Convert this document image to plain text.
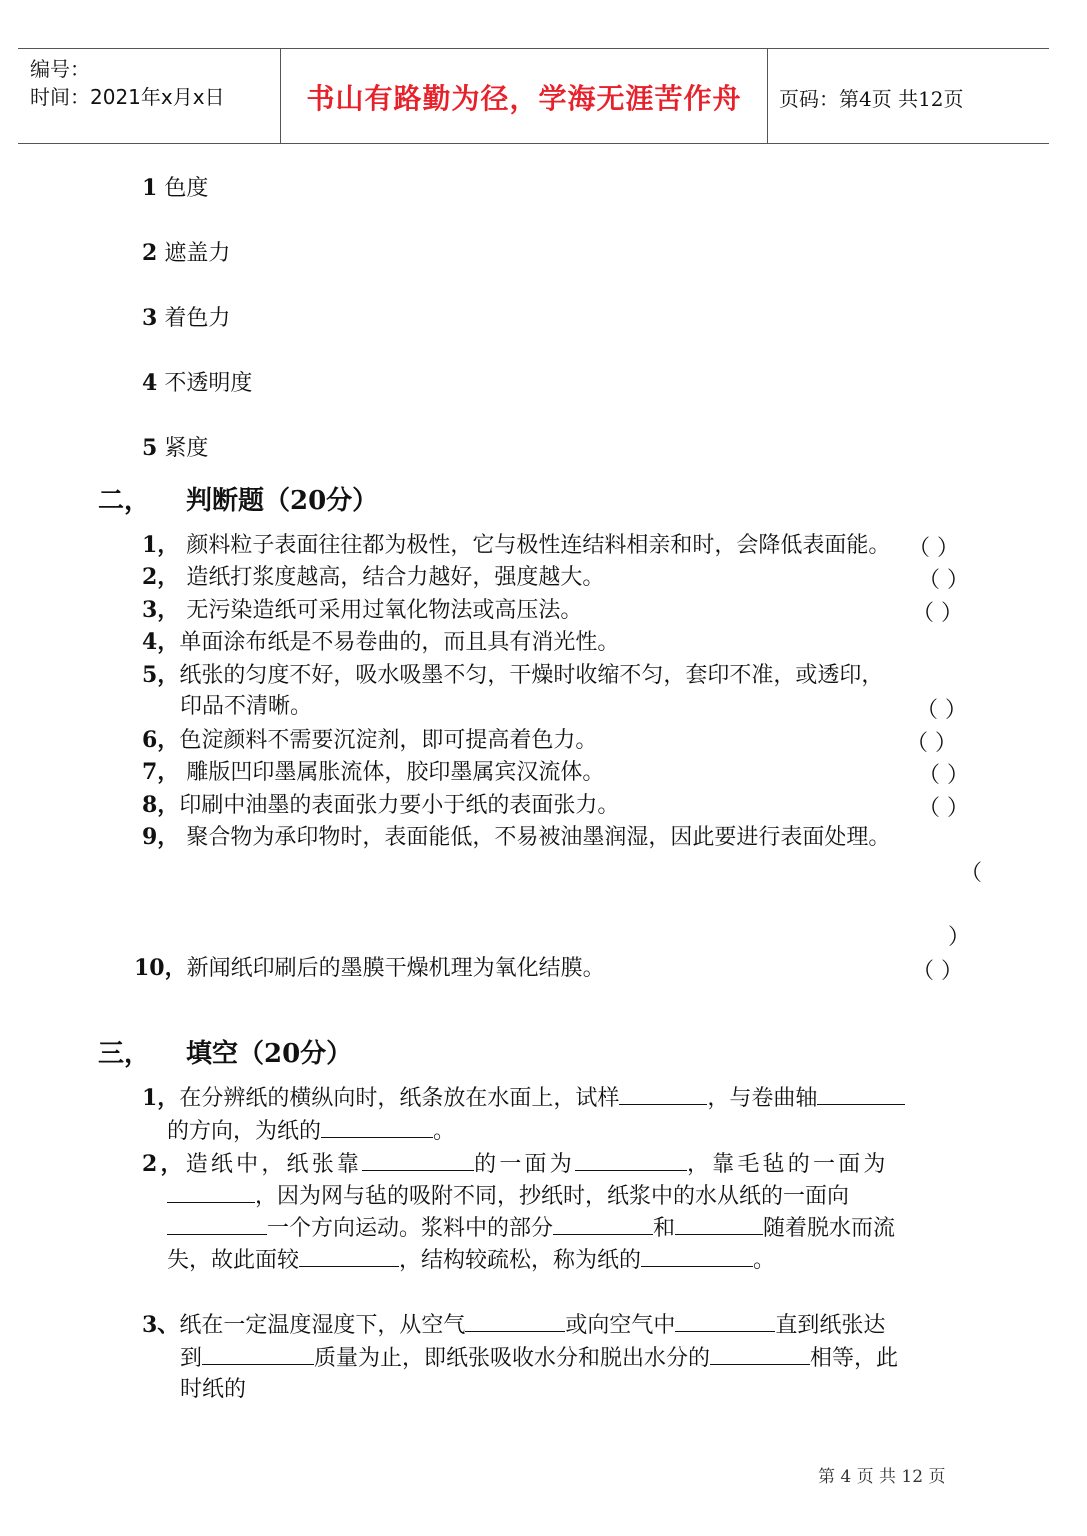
编号：
时间：2021年x月x日	书山有路勤为径，学海无涯苦作舟	页码：第4页 共12页
1 色度
2 遮盖力
3 着色力
4 不透明度
5 紧度
二， 判断题（20分）
1， 颜料粒子表面往往都为极性，它与极性连结料相亲和时，会降低表面能。 （ ）
2， 造纸打浆度越高，结合力越好，强度越大。	（ ）
3， 无污染造纸可采用过氧化物法或高压法。	（ ）
4，单面涂布纸是不易卷曲的，而且具有消光性。
5，纸张的匀度不好，吸水吸墨不匀，干燥时收缩不匀，套印不准，或透印，
印品不清晰。	（ ）
6，色淀颜料不需要沉淀剂，即可提高着色力。	（ ）
7， 雕版凹印墨属胀流体，胶印墨属宾汉流体。	（ ）
8，印刷中油墨的表面张力要小于纸的表面张力。	（ ）
9， 聚合物为承印物时，表面能低，不易被油墨润湿，因此要进行表面处理。
（
）
10，新闻纸印刷后的墨膜干燥机理为氧化结膜。	（ ）
三， 填空（20分）
1，在分辨纸的横纵向时，纸条放在水面上，试样	，与卷曲轴
的方向，为纸的	。
2，造纸中，纸张靠	的一面为	，靠毛毡的一面为
，因为网与毡的吸附不同，抄纸时，纸浆中的水从纸的一面向
一个方向运动。浆料中的部分	和	随着脱水而流
失，故此面较	，结构较疏松，称为纸的	。
3、纸在一定温度湿度下，从空气	或向空气中	直到纸张达
到	质量为止，即纸张吸收水分和脱出水分的	相等，此
时纸的
第 4 页 共 12 页
